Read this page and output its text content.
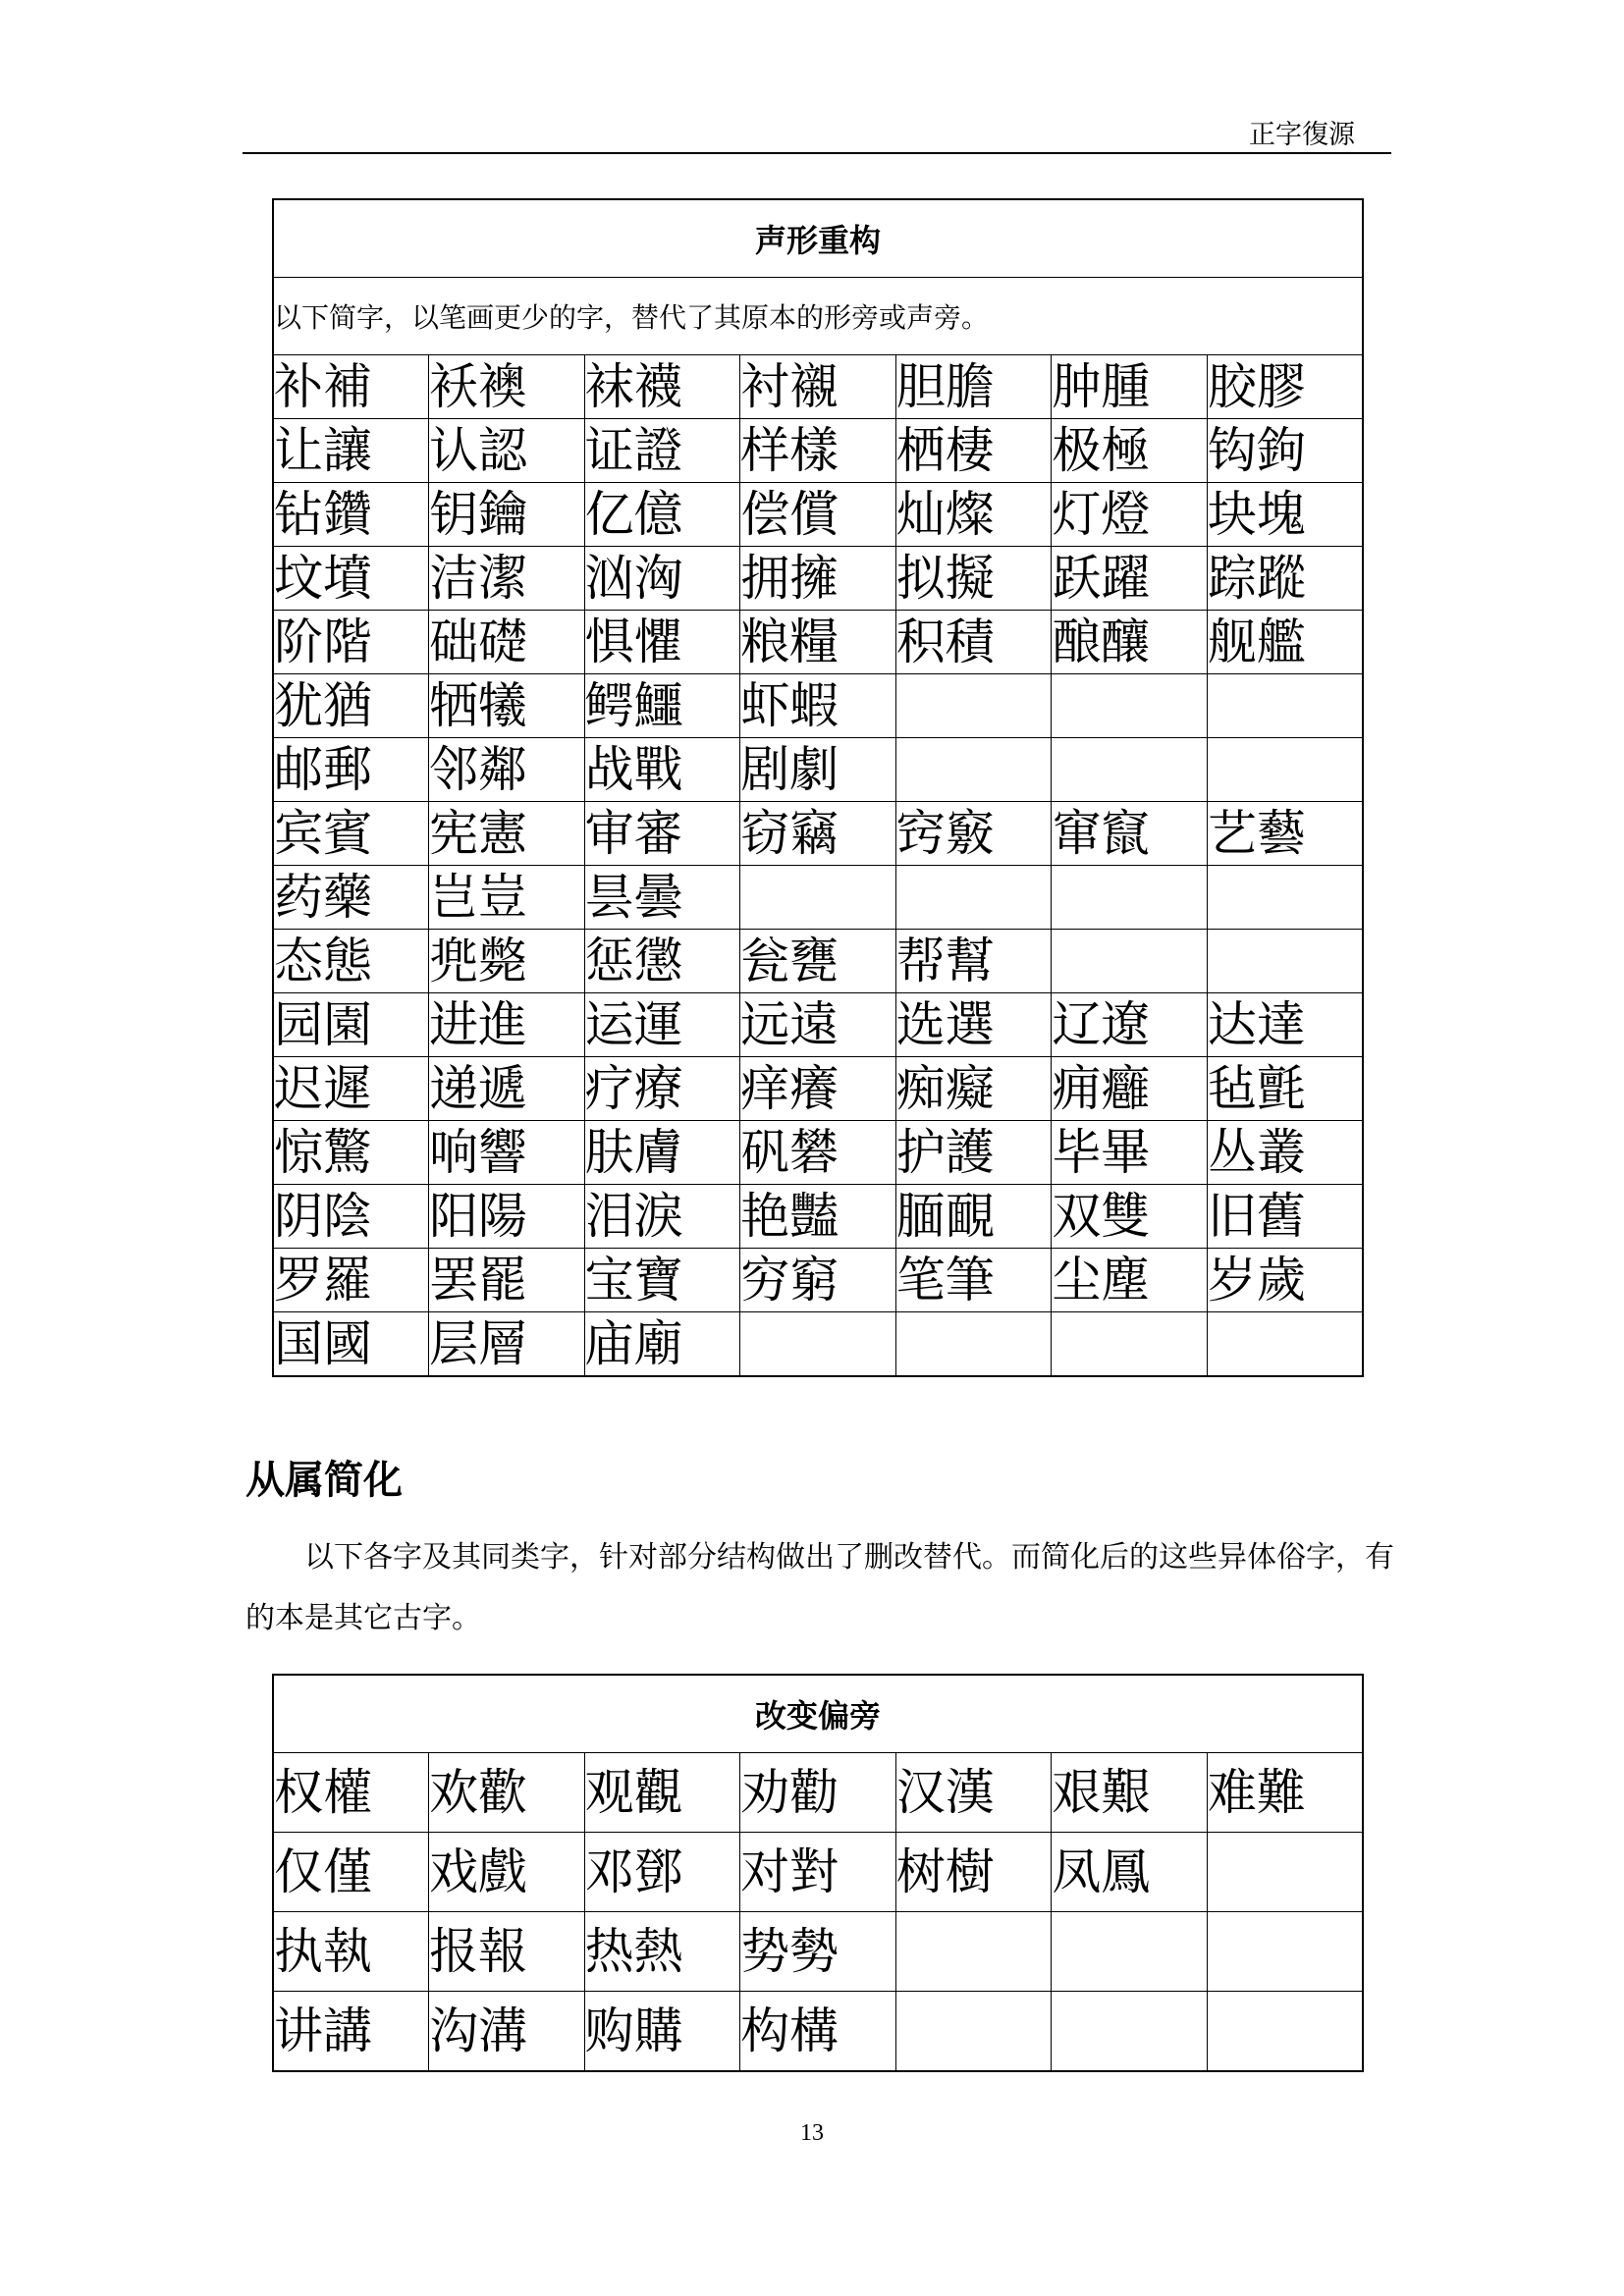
正字復源
声形重构						
以下简字，以笔画更少的字，替代了其原本的形旁或声旁。						
补補	袄襖	袜襪	衬襯	胆膽	肿腫	胶膠
让讓	认認	证證	样樣	栖棲	极極	钩鉤
钻鑽	钥鑰	亿億	偿償	灿燦	灯燈	块塊
坟墳	洁潔	汹洶	拥擁	拟擬	跃躍	踪蹤
阶階	础礎	惧懼	粮糧	积積	酿釀	舰艦
犹猶	牺犧	鳄鱷	虾蝦			
邮郵	邻鄰	战戰	剧劇			
宾賓	宪憲	审審	窃竊	窍竅	窜竄	艺藝
药藥	岂豈	昙曇				
态態	兠斃	惩懲	瓮甕	帮幫		
园園	进進	运運	远遠	选選	辽遼	达達
迟遲	递遞	疗療	痒癢	痴癡	痈癰	毡氈
惊驚	响響	肤膚	矾礬	护護	毕畢	丛叢
阴陰	阳陽	泪淚	艳豔	腼靦	双雙	旧舊
罗羅	罢罷	宝寶	穷窮	笔筆	尘塵	岁歲
国國	层層	庙廟				
从属简化
以下各字及其同类字，针对部分结构做出了删改替代。而简化后的这些异体俗字，有的本是其它古字。
改变偏旁						
权權	欢歡	观觀	劝勸	汉漢	艰艱	难難
仅僅	戏戲	邓鄧	对對	树樹	凤鳳	
执執	报報	热熱	势勢			
讲講	沟溝	购購	构構			
13
